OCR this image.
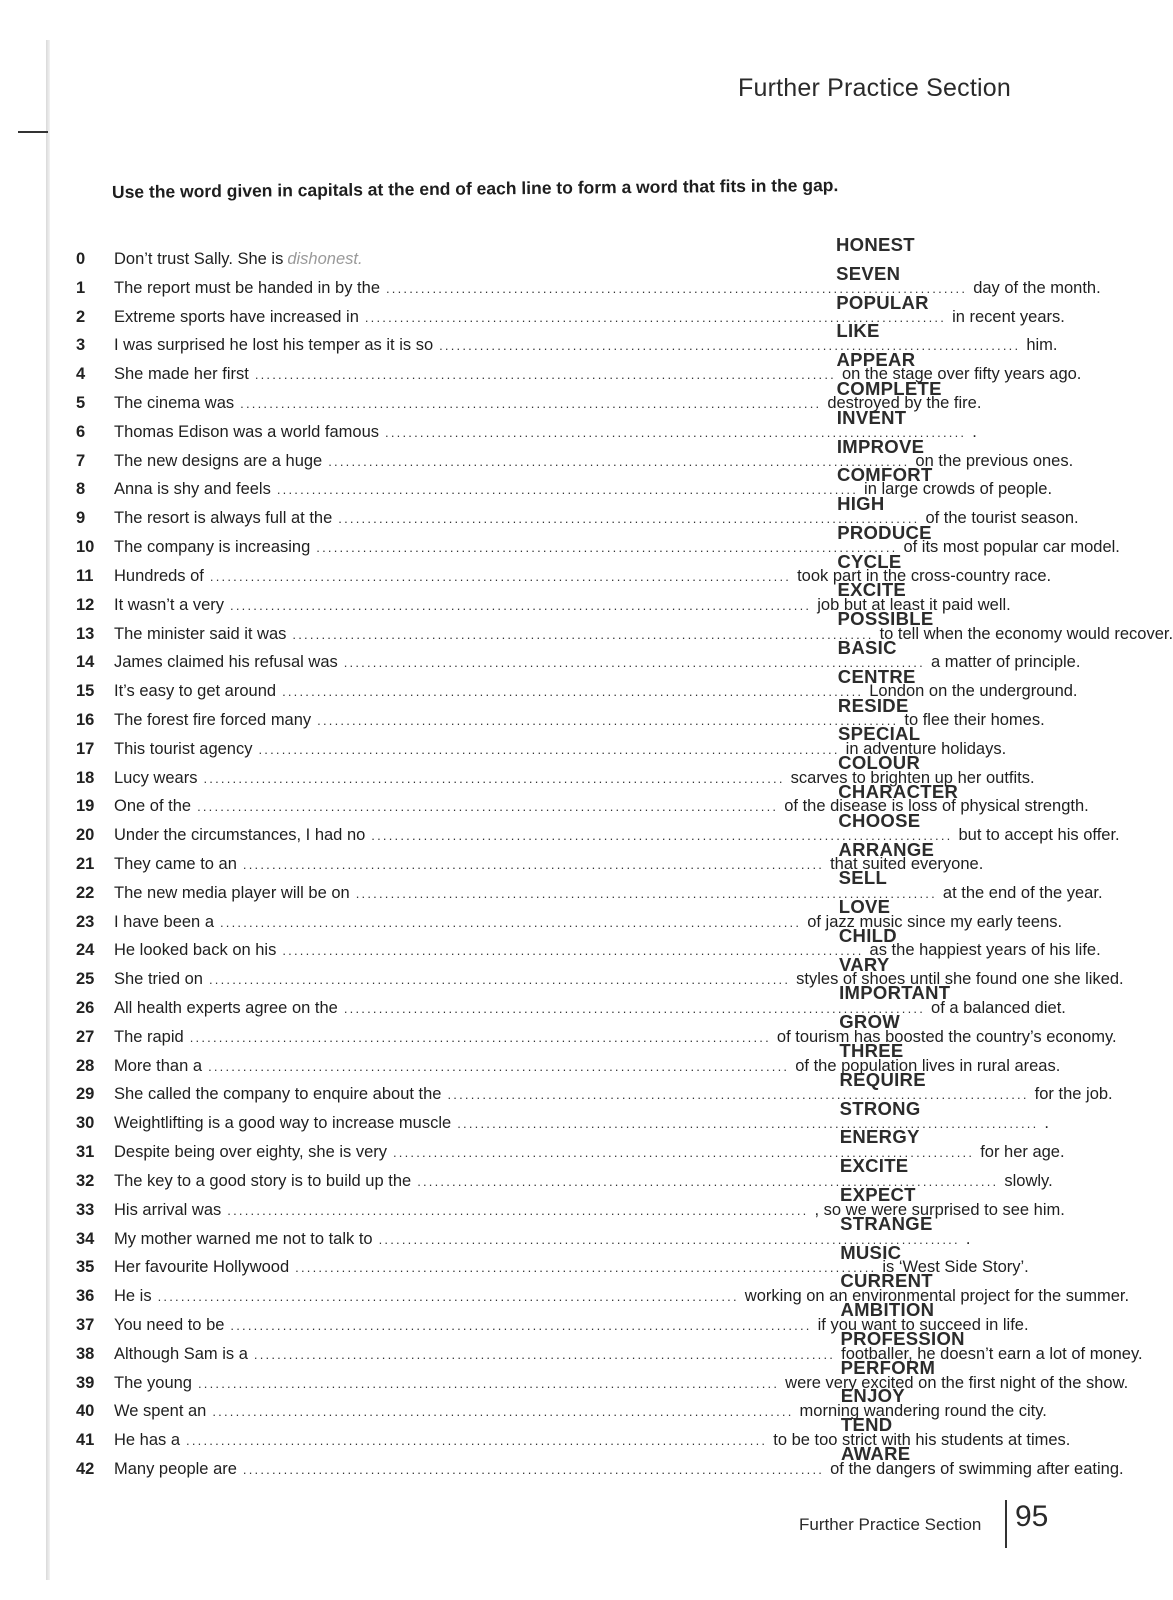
Further Practice Section
Use the word given in capitals at the end of each line to form a word that fits in the gap.
0	Don’t trust Sally. She is dishonest.
HONEST
1	The report must be handed in by the .................................................................................................... day of the month.
SEVEN
2	Extreme sports have increased in .................................................................................................... in recent years.
POPULAR
3	I was surprised he lost his temper as it is so .................................................................................................... him.
LIKE
4	She made her first .................................................................................................... on the stage over fifty years ago.
APPEAR
5	The cinema was .................................................................................................... destroyed by the fire.
COMPLETE
6	Thomas Edison was a world famous .................................................................................................... .
INVENT
7	The new designs are a huge .................................................................................................... on the previous ones.
IMPROVE
8	Anna is shy and feels .................................................................................................... in large crowds of people.
COMFORT
9	The resort is always full at the .................................................................................................... of the tourist season.
HIGH
10	The company is increasing .................................................................................................... of its most popular car model.
PRODUCE
11	Hundreds of .................................................................................................... took part in the cross-country race.
CYCLE
12	It wasn’t a very .................................................................................................... job but at least it paid well.
EXCITE
13	The minister said it was .................................................................................................... to tell when the economy would recover.
POSSIBLE
14	James claimed his refusal was .................................................................................................... a matter of principle.
BASIC
15	It’s easy to get around .................................................................................................... London on the underground.
CENTRE
16	The forest fire forced many .................................................................................................... to flee their homes.
RESIDE
17	This tourist agency .................................................................................................... in adventure holidays.
SPECIAL
18	Lucy wears .................................................................................................... scarves to brighten up her outfits.
COLOUR
19	One of the .................................................................................................... of the disease is loss of physical strength.
CHARACTER
20	Under the circumstances, I had no .................................................................................................... but to accept his offer.
CHOOSE
21	They came to an .................................................................................................... that suited everyone.
ARRANGE
22	The new media player will be on .................................................................................................... at the end of the year.
SELL
23	I have been a .................................................................................................... of jazz music since my early teens.
LOVE
24	He looked back on his .................................................................................................... as the happiest years of his life.
CHILD
25	She tried on .................................................................................................... styles of shoes until she found one she liked.
VARY
26	All health experts agree on the .................................................................................................... of a balanced diet.
IMPORTANT
27	The rapid .................................................................................................... of tourism has boosted the country’s economy.
GROW
28	More than a .................................................................................................... of the population lives in rural areas.
THREE
29	She called the company to enquire about the .................................................................................................... for the job.
REQUIRE
30	Weightlifting is a good way to increase muscle .................................................................................................... .
STRONG
31	Despite being over eighty, she is very .................................................................................................... for her age.
ENERGY
32	The key to a good story is to build up the .................................................................................................... slowly.
EXCITE
33	His arrival was .................................................................................................... , so we were surprised to see him.
EXPECT
34	My mother warned me not to talk to .................................................................................................... .
STRANGE
35	Her favourite Hollywood .................................................................................................... is ‘West Side Story’.
MUSIC
36	He is .................................................................................................... working on an environmental project for the summer.
CURRENT
37	You need to be .................................................................................................... if you want to succeed in life.
AMBITION
38	Although Sam is a .................................................................................................... footballer, he doesn’t earn a lot of money.
PROFESSION
39	The young .................................................................................................... were very excited on the first night of the show.
PERFORM
40	We spent an .................................................................................................... morning wandering round the city.
ENJOY
41	He has a .................................................................................................... to be too strict with his students at times.
TEND
42	Many people are .................................................................................................... of the dangers of swimming after eating.
AWARE
Further Practice Section 95
